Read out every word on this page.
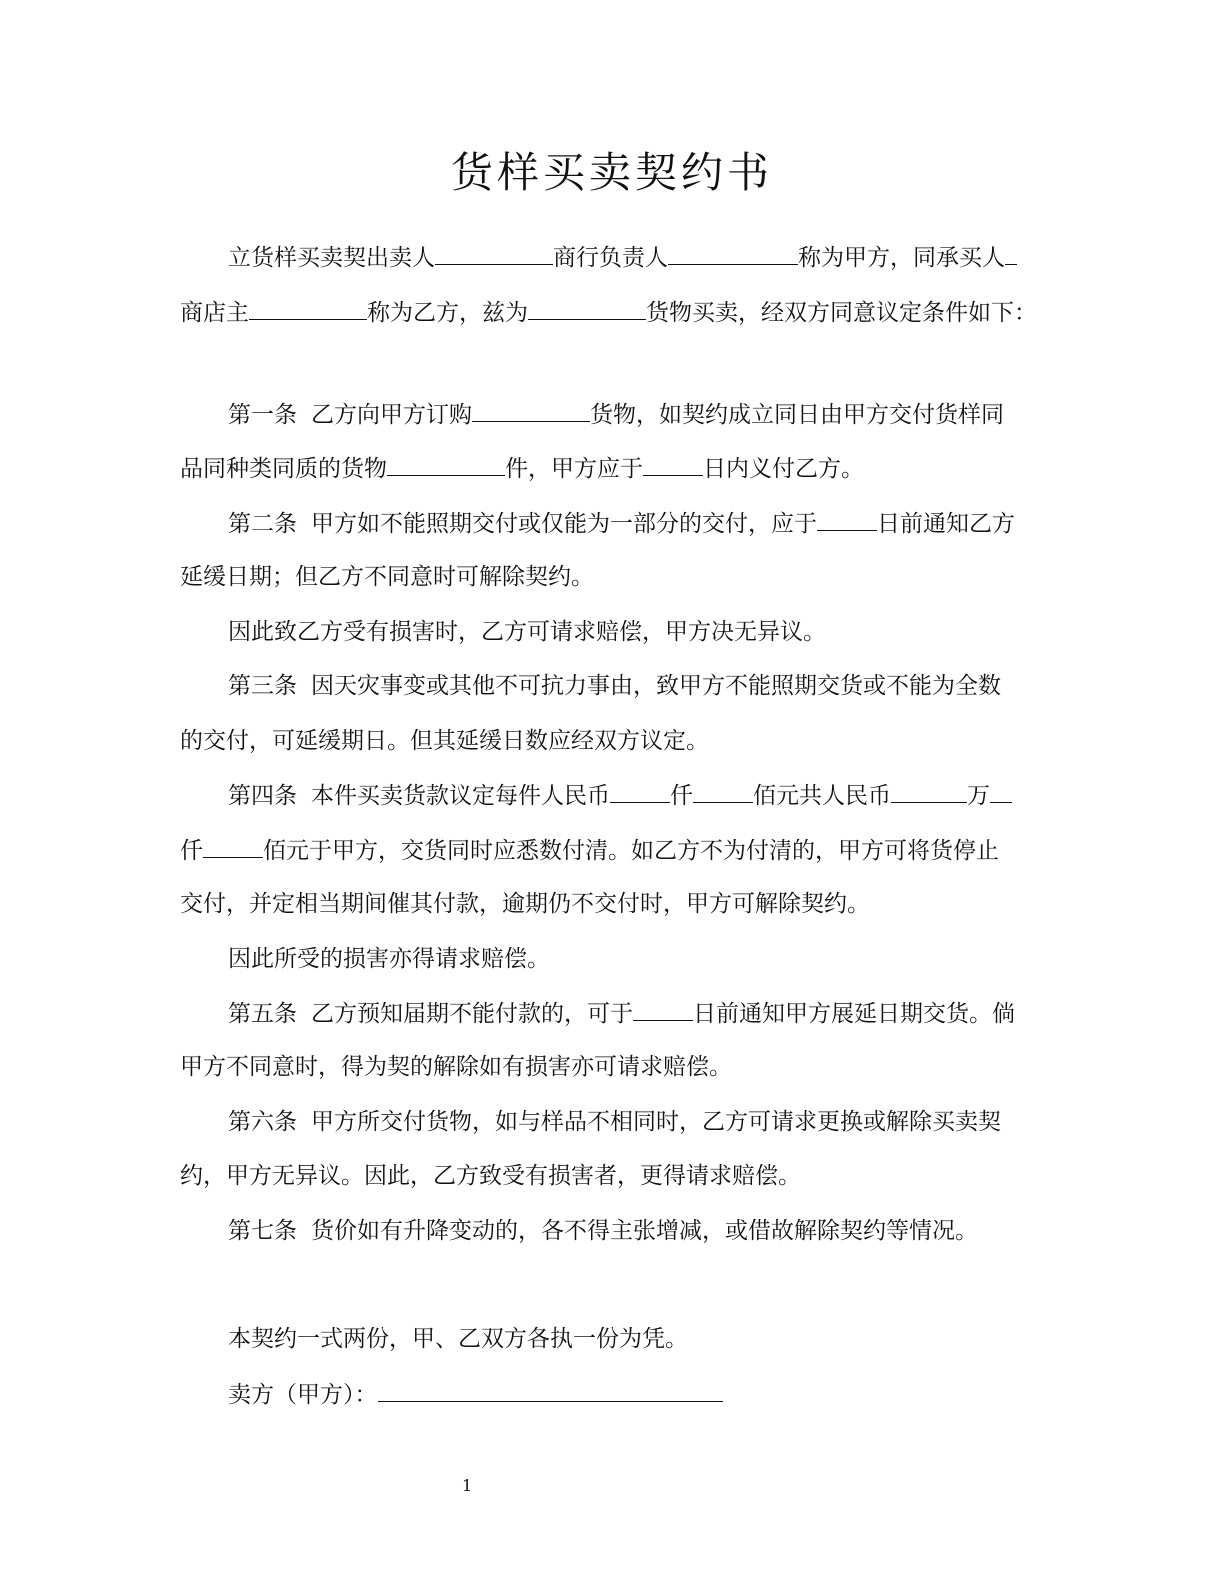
货样买卖契约书
立货样买卖契出卖人	商行负责人	称为甲方，同承买人
商店主	称为乙方，兹为	货物买卖，经双方同意议定条件如下：
第一条 乙方向甲方订购	货物，如契约成立同日由甲方交付货样同
品同种类同质的货物	件，甲方应于	日内义付乙方。
第二条 甲方如不能照期交付或仅能为一部分的交付，应于	日前通知乙方
延缓日期；但乙方不同意时可解除契约。
因此致乙方受有损害时，乙方可请求赔偿，甲方决无异议。
第三条 因天灾事变或其他不可抗力事由，致甲方不能照期交货或不能为全数
的交付，可延缓期日。但其延缓日数应经双方议定。
第四条 本件买卖货款议定每件人民币	仟	佰元共人民币	万
仟	佰元于甲方，交货同时应悉数付清。如乙方不为付清的，甲方可将货停止
交付，并定相当期间催其付款，逾期仍不交付时，甲方可解除契约。
因此所受的损害亦得请求赔偿。
第五条 乙方预知届期不能付款的，可于	日前通知甲方展延日期交货。倘
甲方不同意时，得为契的解除如有损害亦可请求赔偿。
第六条 甲方所交付货物，如与样品不相同时，乙方可请求更换或解除买卖契
约，甲方无异议。因此，乙方致受有损害者，更得请求赔偿。
第七条 货价如有升降变动的，各不得主张增减，或借故解除契约等情况。
本契约一式两份，甲、乙双方各执一份为凭。
卖方（甲方）：
1
